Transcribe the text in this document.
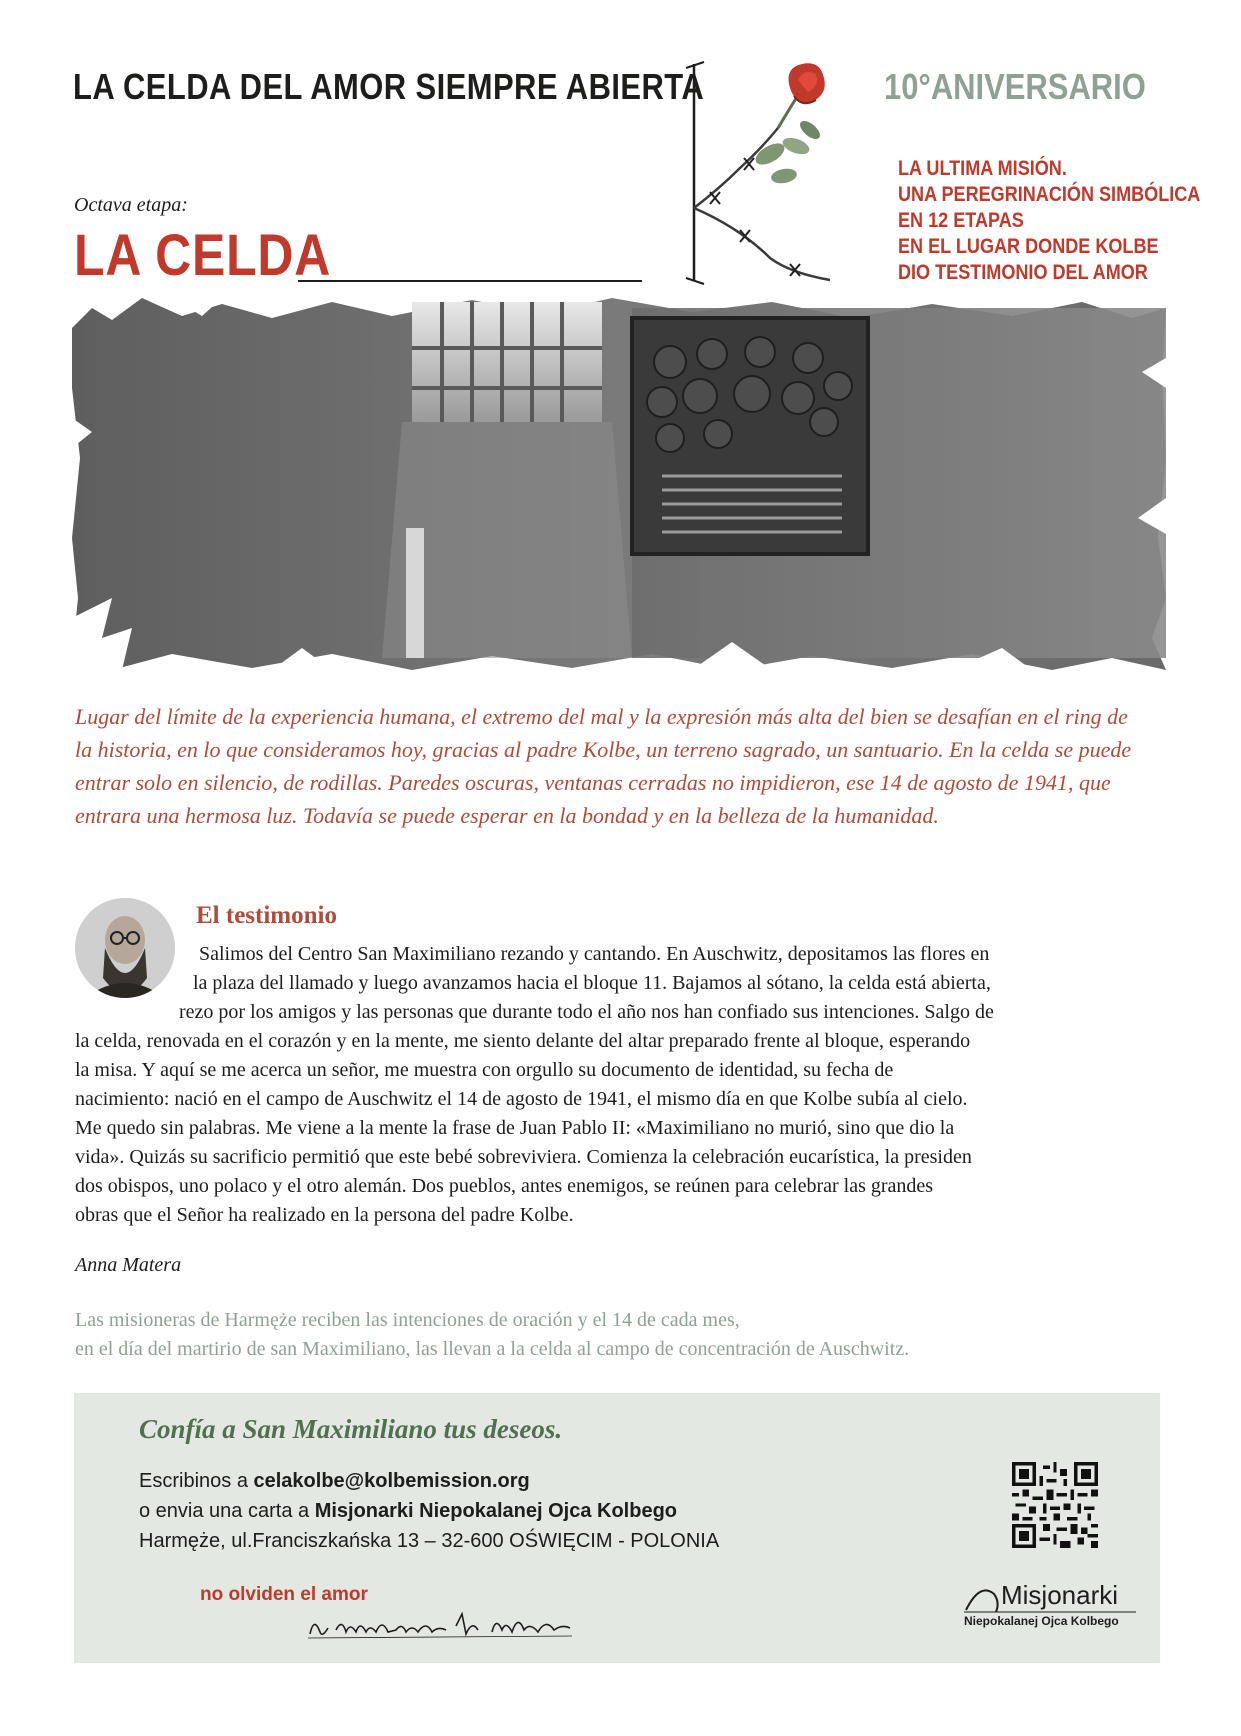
LA CELDA DEL AMOR SIEMPRE ABIERTA
Octava etapa:
LA CELDA
10°ANIVERSARIO
LA ULTIMA MISIÓN.
UNA PEREGRINACIÓN SIMBÓLICA
EN 12 ETAPAS
EN EL LUGAR DONDE KOLBE
DIO TESTIMONIO DEL AMOR
Lugar del límite de la experiencia humana, el extremo del mal y la expresión más alta del bien se desafían en el ring de la historia, en lo que consideramos hoy, gracias al padre Kolbe, un terreno sagrado, un santuario. En la celda se puede entrar solo en silencio, de rodillas. Paredes oscuras, ventanas cerradas no impidieron, ese 14 de agosto de 1941, que entrara una hermosa luz. Todavía se puede esperar en la bondad y en la belleza de la humanidad.
El testimonio
Salimos del Centro San Maximiliano rezando y cantando. En Auschwitz, depositamos las flores en
la plaza del llamado y luego avanzamos hacia el bloque 11. Bajamos al sótano, la celda está abierta,
rezo por los amigos y las personas que durante todo el año nos han confiado sus intenciones. Salgo de
la celda, renovada en el corazón y en la mente, me siento delante del altar preparado frente al bloque, esperando
la misa. Y aquí se me acerca un señor, me muestra con orgullo su documento de identidad, su fecha de
nacimiento: nació en el campo de Auschwitz el 14 de agosto de 1941, el mismo día en que Kolbe subía al cielo.
Me quedo sin palabras. Me viene a la mente la frase de Juan Pablo II: «Maximiliano no murió, sino que dio la
vida». Quizás su sacrificio permitió que este bebé sobreviviera. Comienza la celebración eucarística, la presiden
dos obispos, uno polaco y el otro alemán. Dos pueblos, antes enemigos, se reúnen para celebrar las grandes
obras que el Señor ha realizado en la persona del padre Kolbe.
Anna Matera
Las misioneras de Harmęże reciben las intenciones de oración y el 14 de cada mes,
en el día del martirio de san Maximiliano, las llevan a la celda al campo de concentración de Auschwitz.
Confía a San Maximiliano tus deseos.
Escribinos a celakolbe@kolbemission.org
o envia una carta a Misjonarki Niepokalanej Ojca Kolbego
Harmęże, ul.Franciszkańska 13 – 32-600 OŚWIĘCIM - POLONIA
no olviden el amor	Misjonarki
Niepokalanej Ojca Kolbego
